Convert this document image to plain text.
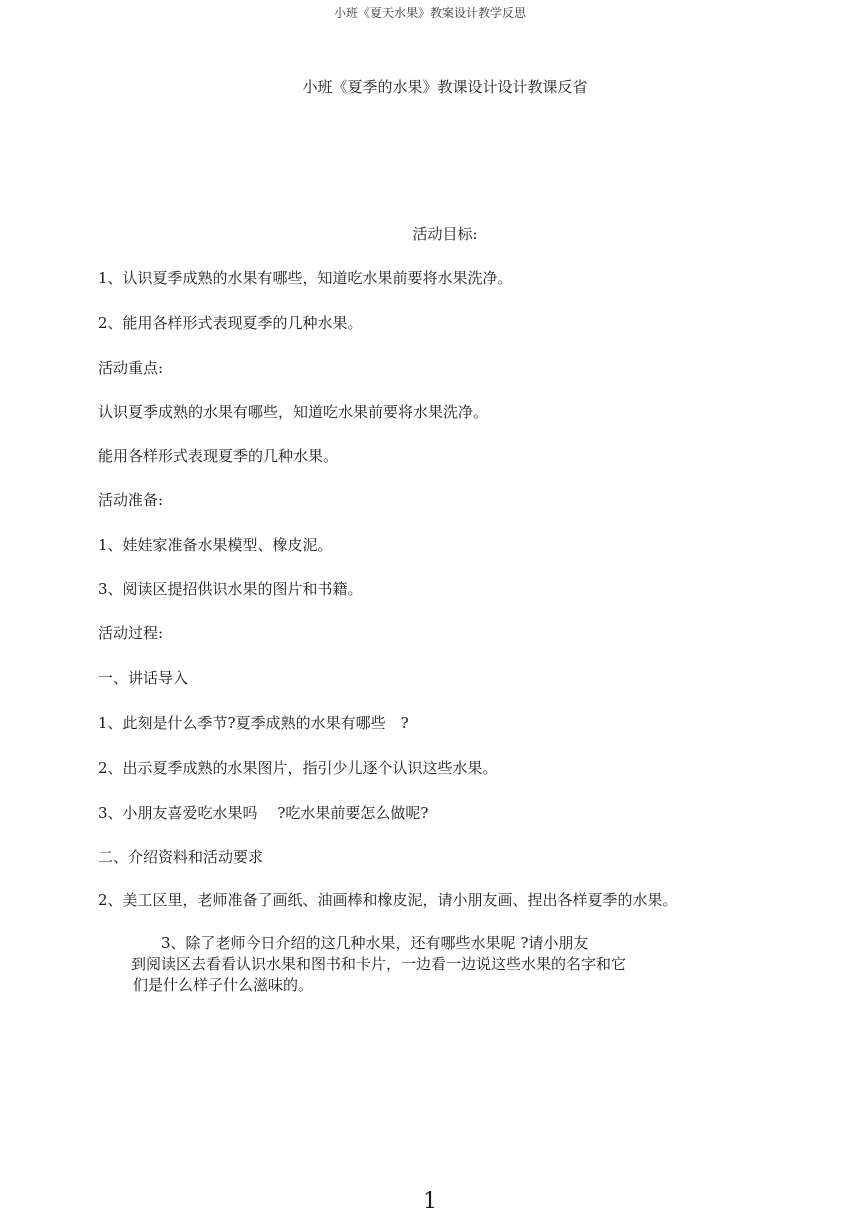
小班《夏天水果》教案设计教学反思
小班《夏季的水果》教课设计设计教课反省
活动目标:
1、认识夏季成熟的水果有哪些，知道吃水果前要将水果洗净。
2、能用各样形式表现夏季的几种水果。
活动重点:
认识夏季成熟的水果有哪些，知道吃水果前要将水果洗净。
能用各样形式表现夏季的几种水果。
活动准备:
1、娃娃家准备水果模型、橡皮泥。
3、阅读区提招供识水果的图片和书籍。
活动过程:
一、讲话导入
1、此刻是什么季节?夏季成熟的水果有哪些　?
2、出示夏季成熟的水果图片，指引少儿逐个认识这些水果。
3、小朋友喜爱吃水果吗　 ?吃水果前要怎么做呢?
二、介绍资料和活动要求
2、美工区里，老师准备了画纸、油画棒和橡皮泥，请小朋友画、捏出各样夏季的水果。
3、除了老师今日介绍的这几种水果，还有哪些水果呢 ?请小朋友
到阅读区去看看认识水果和图书和卡片，一边看一边说这些水果的名字和它
们是什么样子什么滋味的。
1
